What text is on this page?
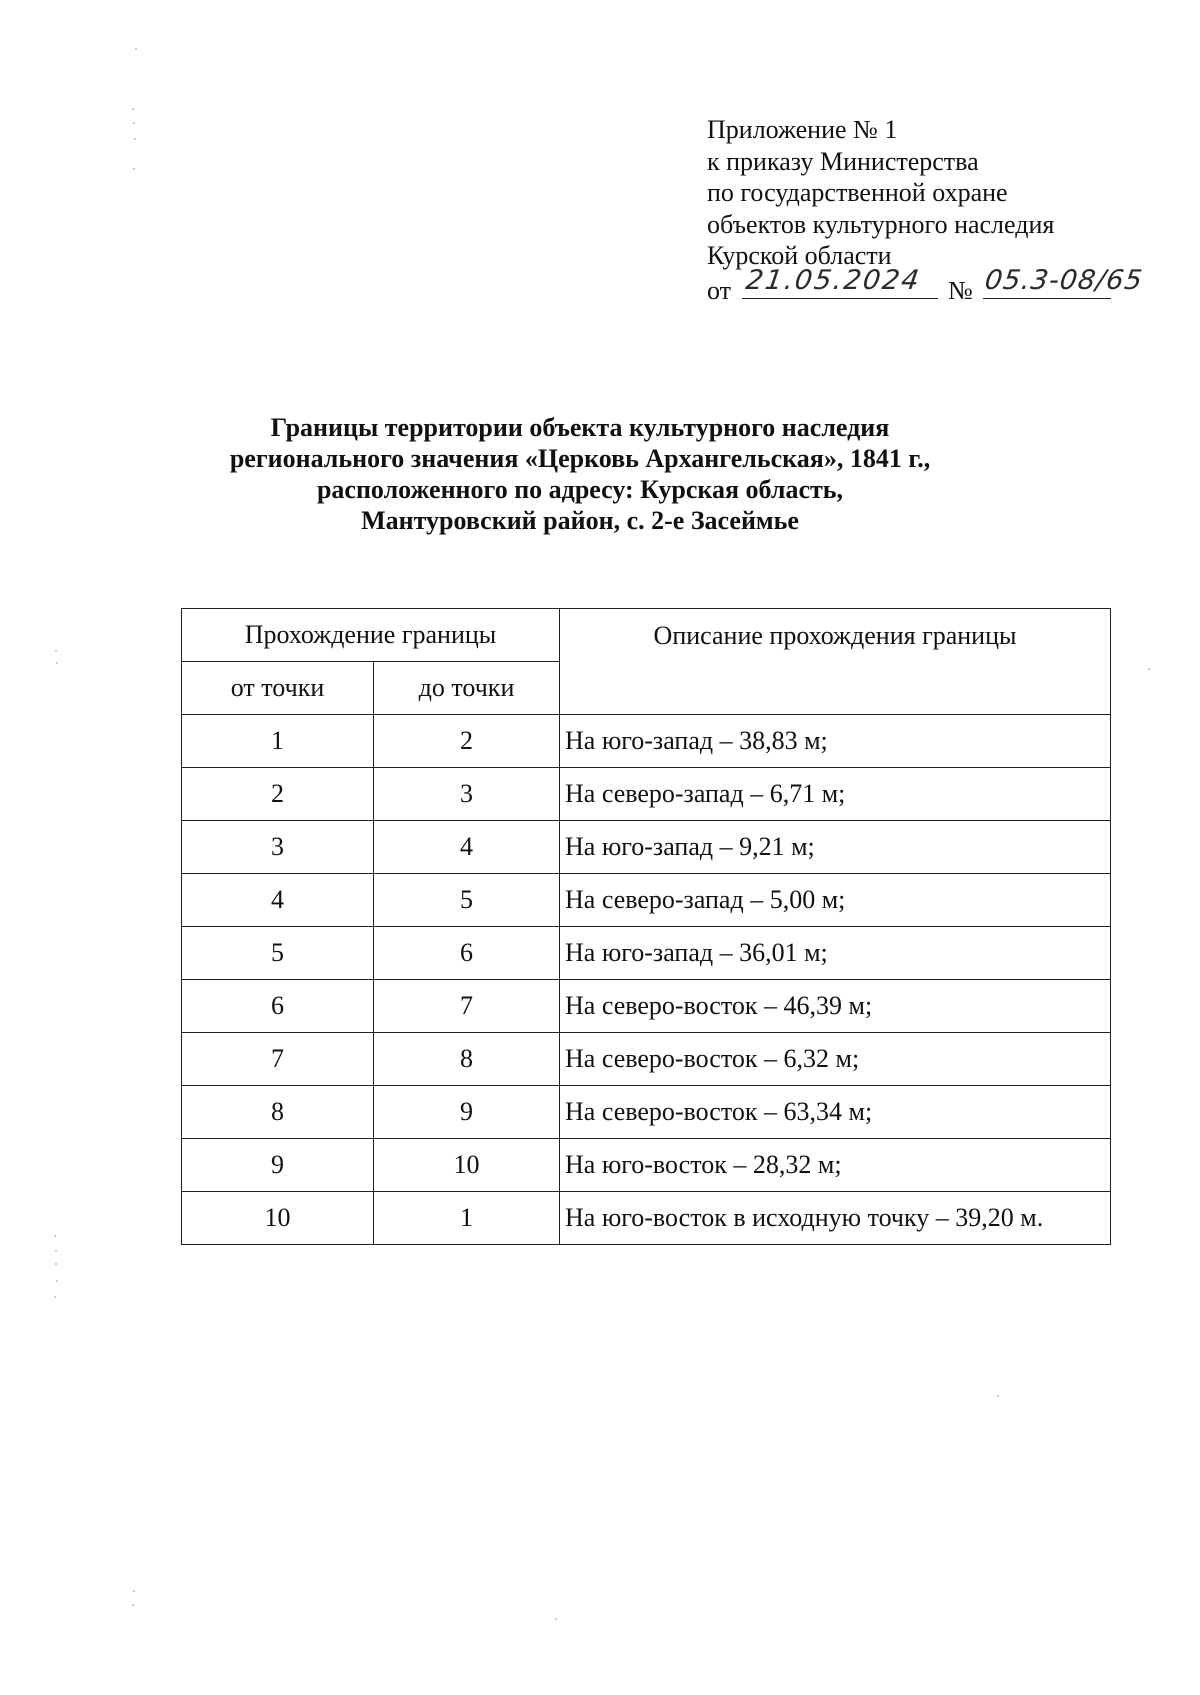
Приложение № 1
к приказу Министерства
по государственной охране
объектов культурного наследия
Курской области
от 21.05.2024 № 05.3-08/65
Границы территории объекта культурного наследия
регионального значения «Церковь Архангельская», 1841 г.,
расположенного по адресу: Курская область,
Мантуровский район, с. 2-е Засеймье
Прохождение границы		Описание прохождения границы
от точки	до точки	
1	2	На юго-запад – 38,83 м;
2	3	На северо-запад – 6,71 м;
3	4	На юго-запад – 9,21 м;
4	5	На северо-запад – 5,00 м;
5	6	На юго-запад – 36,01 м;
6	7	На северо-восток – 46,39 м;
7	8	На северо-восток – 6,32 м;
8	9	На северо-восток – 63,34 м;
9	10	На юго-восток – 28,32 м;
10	1	На юго-восток в исходную точку – 39,20 м.
